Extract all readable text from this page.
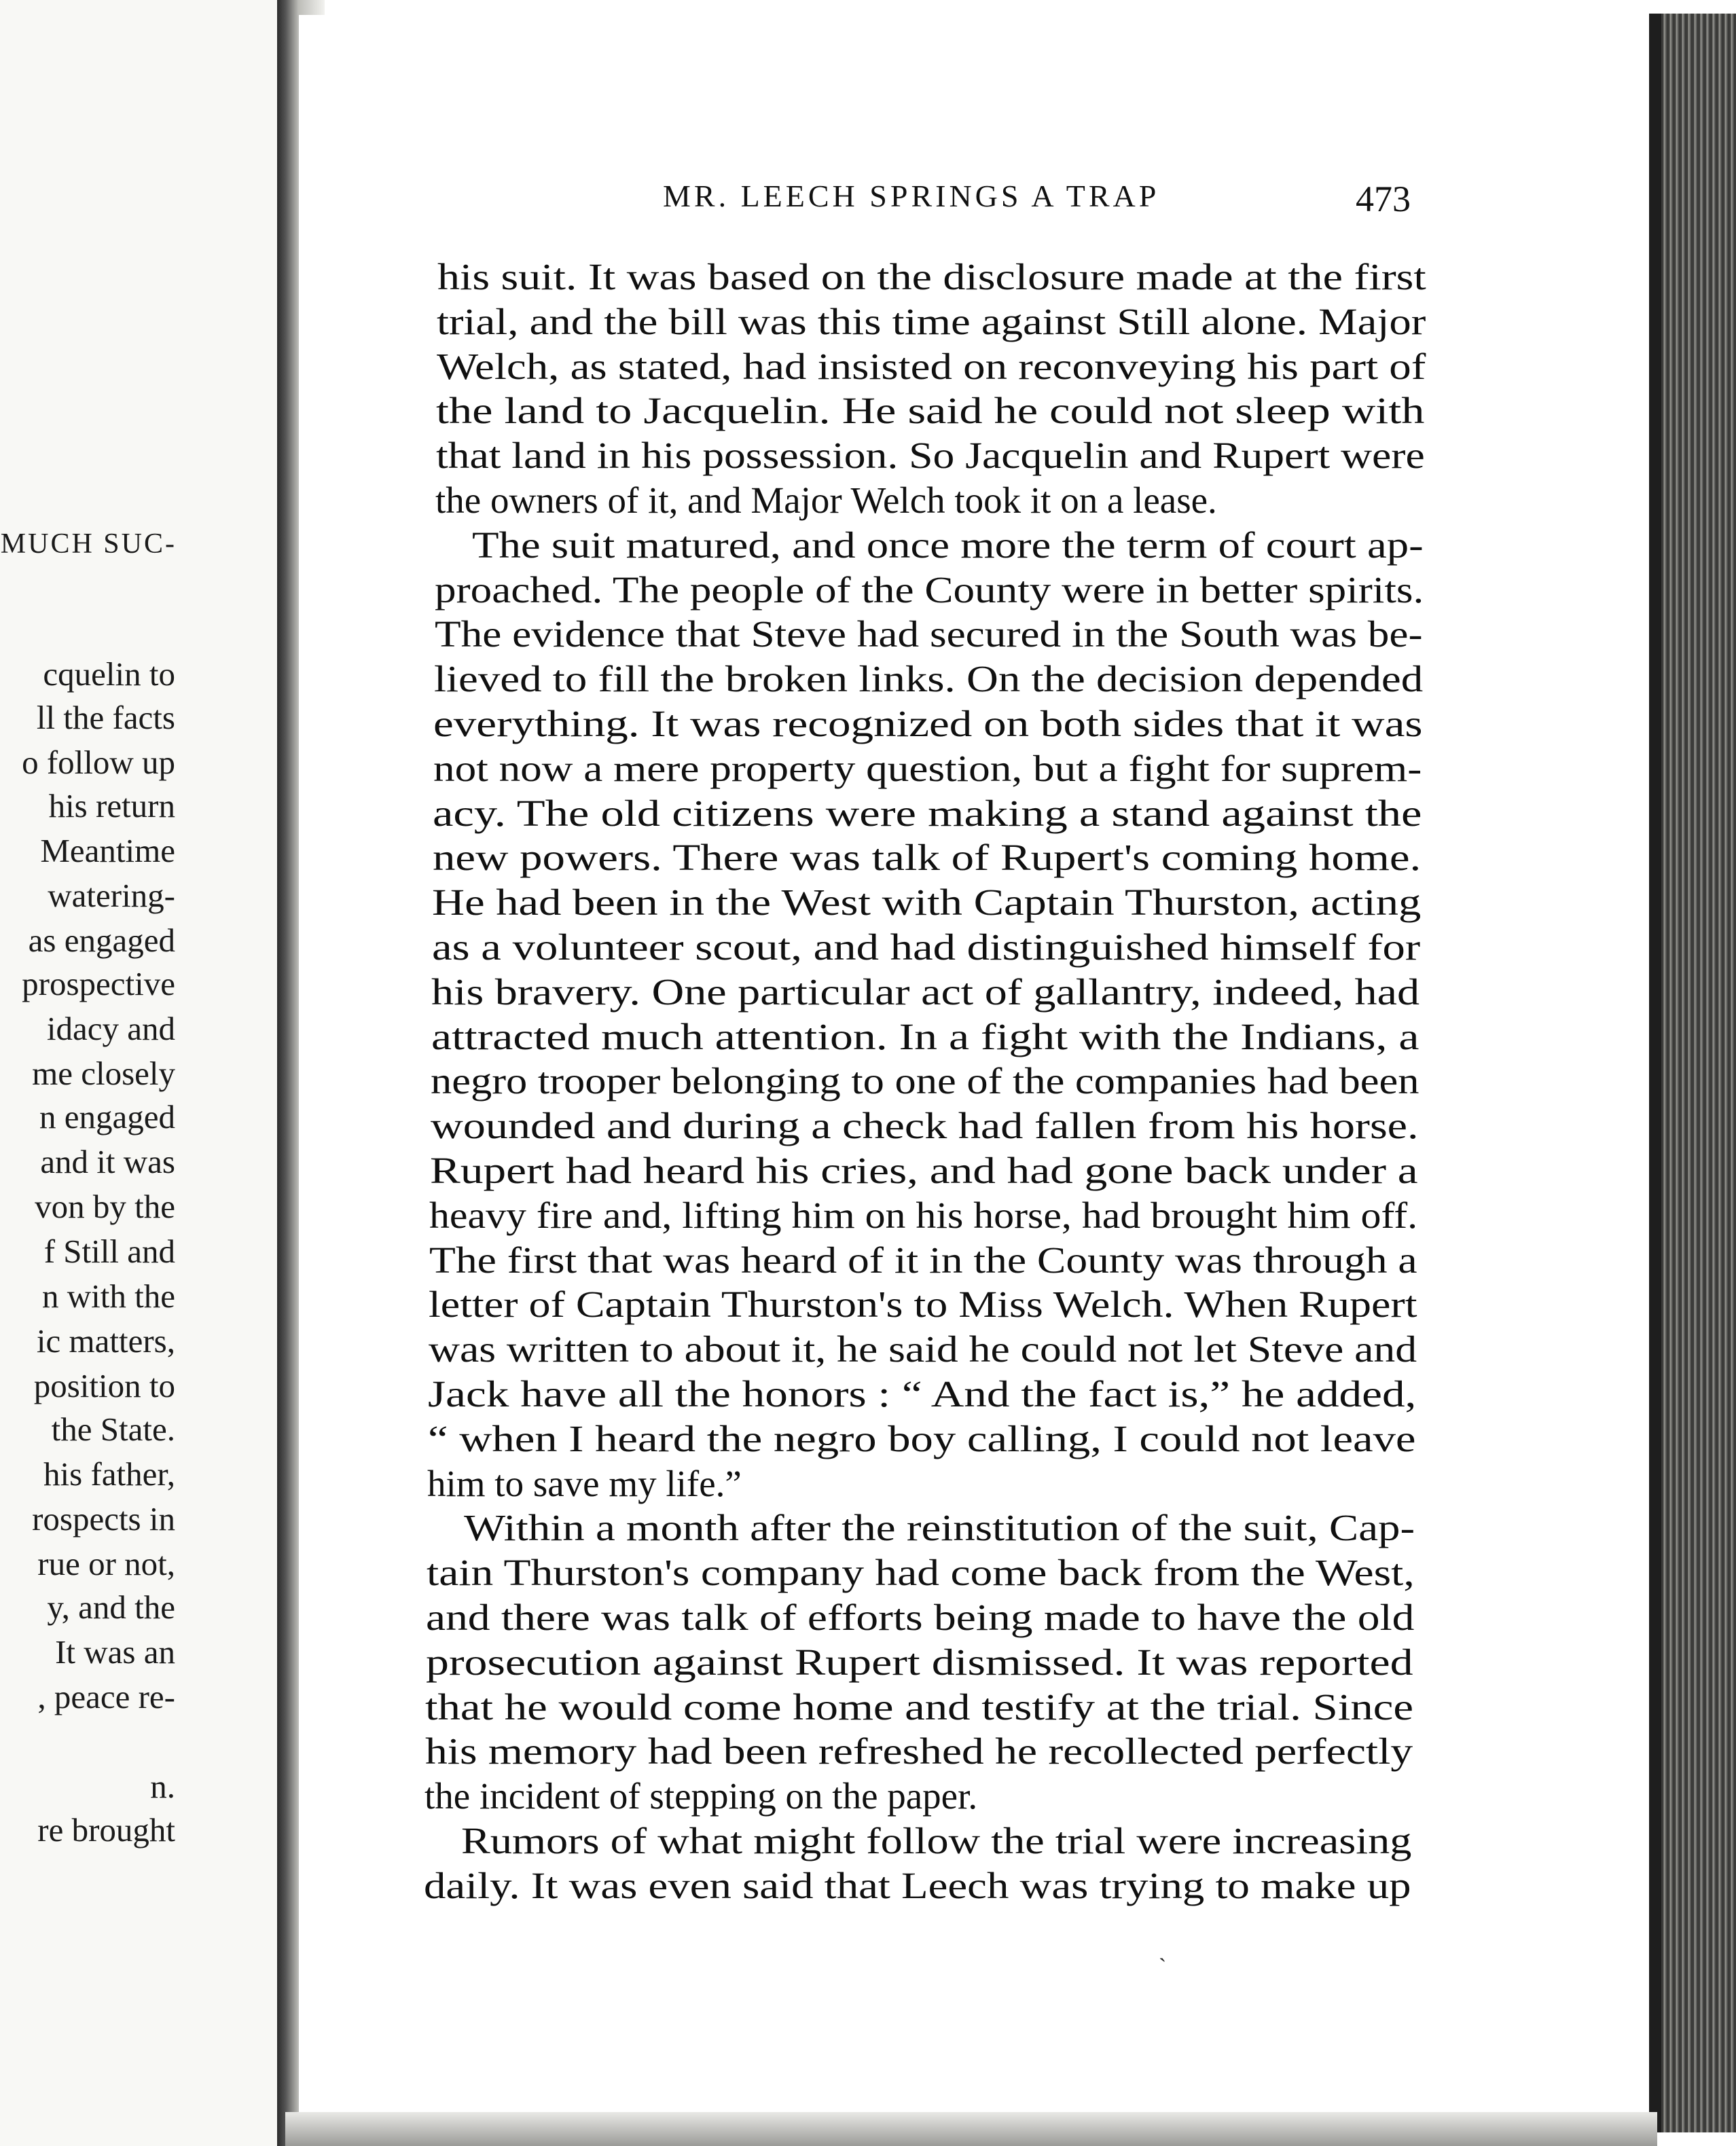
MUCH SUC-
cquelin to
ll the facts
o follow up
his return
Meantime
watering-
as engaged
prospective
idacy and
me closely
n engaged
and it was
von by the
f Still and
n with the
ic matters,
position to
the State.
his father,
rospects in
rue or not,
y, and the
It was an
, peace re-
n.
re brought
MR. LEECH SPRINGS A TRAP	473
his suit. It was based on the disclosure made at the first
trial, and the bill was this time against Still alone. Major
Welch, as stated, had insisted on reconveying his part of
the land to Jacquelin. He said he could not sleep with
that land in his possession. So Jacquelin and Rupert were
the owners of it, and Major Welch took it on a lease.
The suit matured, and once more the term of court ap-
proached. The people of the County were in better spirits.
The evidence that Steve had secured in the South was be-
lieved to fill the broken links. On the decision depended
everything. It was recognized on both sides that it was
not now a mere property question, but a fight for suprem-
acy. The old citizens were making a stand against the
new powers. There was talk of Rupert's coming home.
He had been in the West with Captain Thurston, acting
as a volunteer scout, and had distinguished himself for
his bravery. One particular act of gallantry, indeed, had
attracted much attention. In a fight with the Indians, a
negro trooper belonging to one of the companies had been
wounded and during a check had fallen from his horse.
Rupert had heard his cries, and had gone back under a
heavy fire and, lifting him on his horse, had brought him off.
The first that was heard of it in the County was through a
letter of Captain Thurston's to Miss Welch. When Rupert
was written to about it, he said he could not let Steve and
Jack have all the honors : “ And the fact is,” he added,
“ when I heard the negro boy calling, I could not leave
him to save my life.”
Within a month after the reinstitution of the suit, Cap-
tain Thurston's company had come back from the West,
and there was talk of efforts being made to have the old
prosecution against Rupert dismissed. It was reported
that he would come home and testify at the trial. Since
his memory had been refreshed he recollected perfectly
the incident of stepping on the paper.
Rumors of what might follow the trial were increasing
daily. It was even said that Leech was trying to make up
ˎ
